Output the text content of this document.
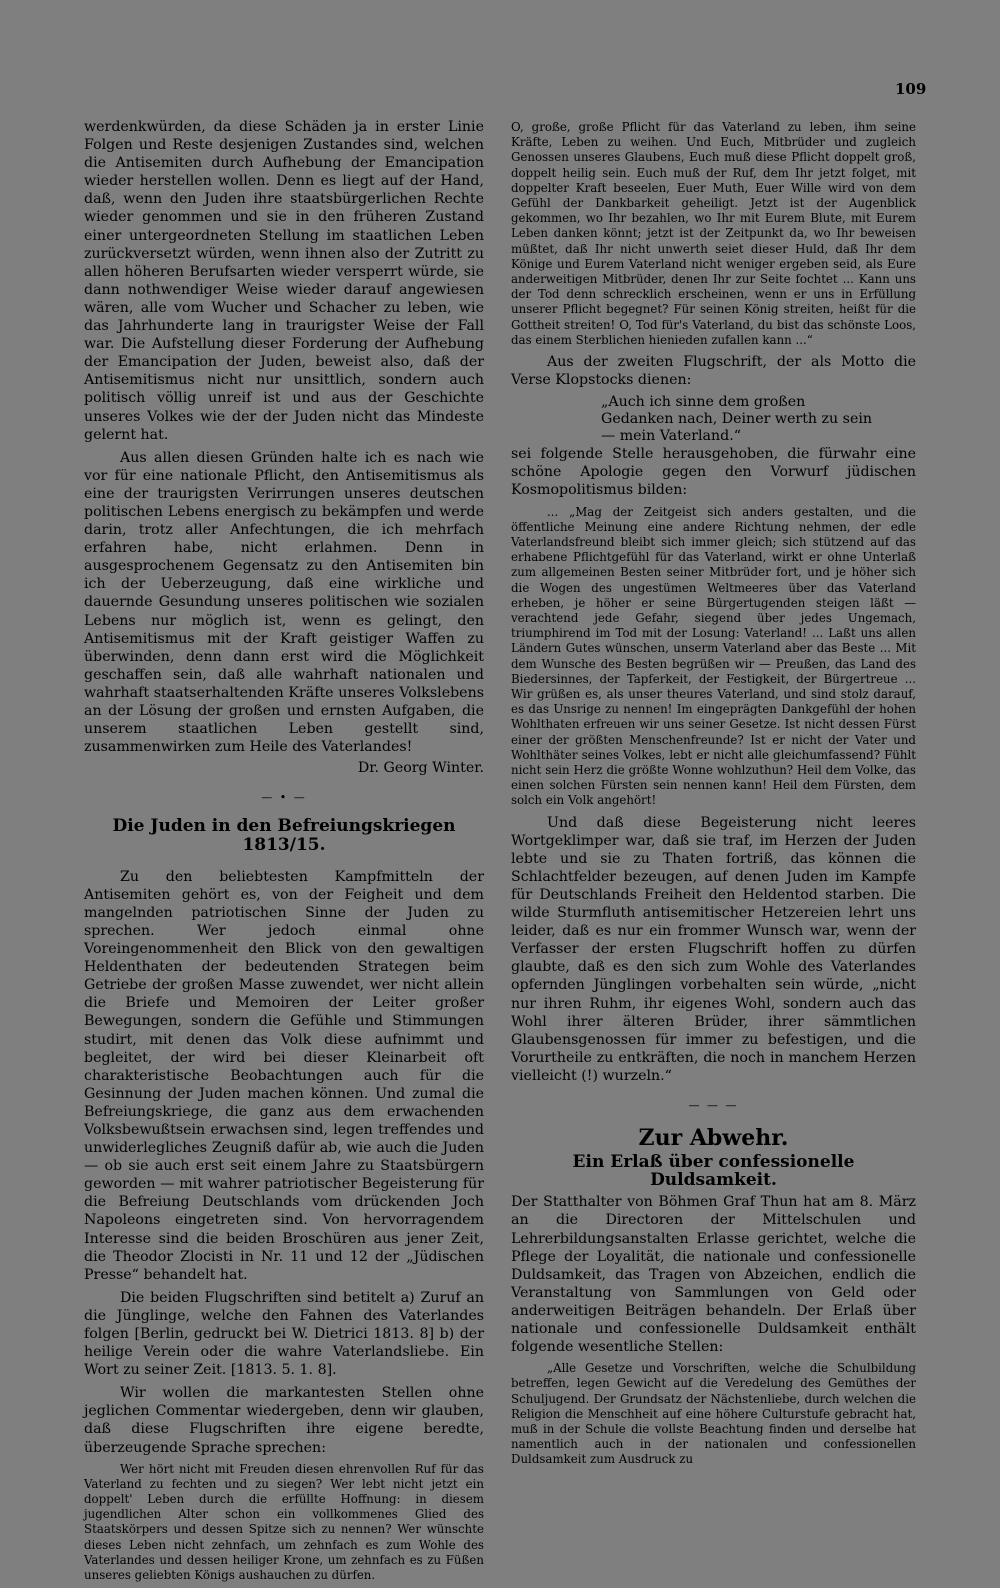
109

werdenkwürden, da diese Schäden ja in erster Linie Folgen und Reste desjenigen Zustandes sind, welchen die Antisemiten durch Aufhebung der Emancipation wieder herstellen wollen. Denn es liegt auf der Hand, daß, wenn den Juden ihre staatsbürgerlichen Rechte wieder genommen und sie in den früheren Zustand einer untergeordneten Stellung im staatlichen Leben zurückversetzt würden, wenn ihnen also der Zutritt zu allen höheren Berufsarten wieder versperrt würde, sie dann nothwendiger Weise wieder darauf angewiesen wären, alle vom Wucher und Schacher zu leben, wie das Jahrhunderte lang in traurigster Weise der Fall war. Die Aufstellung dieser Forderung der Aufhebung der Emancipation der Juden, beweist also, daß der Antisemitismus nicht nur unsittlich, sondern auch politisch völlig unreif ist und aus der Geschichte unseres Volkes wie der der Juden nicht das Mindeste gelernt hat.

Aus allen diesen Gründen halte ich es nach wie vor für eine nationale Pflicht, den Antisemitismus als eine der traurigsten Verirrungen unseres deutschen politischen Lebens energisch zu bekämpfen und werde darin, trotz aller Anfechtungen, die ich mehrfach erfahren habe, nicht erlahmen. Denn in ausgesprochenem Gegensatz zu den Antisemiten bin ich der Ueberzeugung, daß eine wirkliche und dauernde Gesundung unseres politischen wie sozialen Lebens nur möglich ist, wenn es gelingt, den Antisemitismus mit der Kraft geistiger Waffen zu überwinden, denn dann erst wird die Möglichkeit geschaffen sein, daß alle wahrhaft nationalen und wahrhaft staatserhaltenden Kräfte unseres Volkslebens an der Lösung der großen und ernsten Aufgaben, die unserem staatlichen Leben gestellt sind, zusammenwirken zum Heile des Vaterlandes!

Dr. Georg Winter.
— • —
Die Juden in den Befreiungskriegen 1813/15.

Zu den beliebtesten Kampfmitteln der Antisemiten gehört es, von der Feigheit und dem mangelnden patriotischen Sinne der Juden zu sprechen. Wer jedoch einmal ohne Voreingenommenheit den Blick von den gewaltigen Heldenthaten der bedeutenden Strategen beim Getriebe der großen Masse zuwendet, wer nicht allein die Briefe und Memoiren der Leiter großer Bewegungen, sondern die Gefühle und Stimmungen studirt, mit denen das Volk diese aufnimmt und begleitet, der wird bei dieser Kleinarbeit oft charakteristische Beobachtungen auch für die Gesinnung der Juden machen können. Und zumal die Befreiungskriege, die ganz aus dem erwachenden Volksbewußtsein erwachsen sind, legen treffendes und unwiderlegliches Zeugniß dafür ab, wie auch die Juden — ob sie auch erst seit einem Jahre zu Staatsbürgern geworden — mit wahrer patriotischer Begeisterung für die Befreiung Deutschlands vom drückenden Joch Napoleons eingetreten sind. Von hervorragendem Interesse sind die beiden Broschüren aus jener Zeit, die Theodor Zlocisti in Nr. 11 und 12 der „Jüdischen Presse“ behandelt hat.

Die beiden Flugschriften sind betitelt a) Zuruf an die Jünglinge, welche den Fahnen des Vaterlandes folgen [Berlin, gedruckt bei W. Dietrici 1813. 8] b) der heilige Verein oder die wahre Vaterlandsliebe. Ein Wort zu seiner Zeit. [1813. 5. 1. 8].

Wir wollen die markantesten Stellen ohne jeglichen Commentar wiedergeben, denn wir glauben, daß diese Flugschriften ihre eigene beredte, überzeugende Sprache sprechen:

Wer hört nicht mit Freuden diesen ehrenvollen Ruf für das Vaterland zu fechten und zu siegen? Wer lebt nicht jetzt ein doppelt' Leben durch die erfüllte Hoffnung: in diesem jugendlichen Alter schon ein vollkommenes Glied des Staatskörpers und dessen Spitze sich zu nennen? Wer wünschte dieses Leben nicht zehnfach, um zehnfach es zum Wohle des Vaterlandes und dessen heiliger Krone, um zehnfach es zu Füßen unseres geliebten Königs aushauchen zu dürfen.

O, große, große Pflicht für das Vaterland zu leben, ihm seine Kräfte, Leben zu weihen. Und Euch, Mitbrüder und zugleich Genossen unseres Glaubens, Euch muß diese Pflicht doppelt groß, doppelt heilig sein. Euch muß der Ruf, dem Ihr jetzt folget, mit doppelter Kraft beseelen, Euer Muth, Euer Wille wird von dem Gefühl der Dankbarkeit geheiligt. Jetzt ist der Augenblick gekommen, wo Ihr bezahlen, wo Ihr mit Eurem Blute, mit Eurem Leben danken könnt; jetzt ist der Zeitpunkt da, wo Ihr beweisen müßtet, daß Ihr nicht unwerth seiet dieser Huld, daß Ihr dem Könige und Eurem Vaterland nicht weniger ergeben seid, als Eure anderweitigen Mitbrüder, denen Ihr zur Seite fochtet ... Kann uns der Tod denn schrecklich erscheinen, wenn er uns in Erfüllung unserer Pflicht begegnet? Für seinen König streiten, heißt für die Gottheit streiten! O, Tod für's Vaterland, du bist das schönste Loos, das einem Sterblichen hienieden zufallen kann ...“

Aus der zweiten Flugschrift, der als Motto die Verse Klopstocks dienen:

„Auch ich sinne dem großen
Gedanken nach, Deiner werth zu sein
— mein Vaterland.“

sei folgende Stelle herausgehoben, die fürwahr eine schöne Apologie gegen den Vorwurf jüdischen Kosmopolitismus bilden:

... „Mag der Zeitgeist sich anders gestalten, und die öffentliche Meinung eine andere Richtung nehmen, der edle Vaterlandsfreund bleibt sich immer gleich; sich stützend auf das erhabene Pflichtgefühl für das Vaterland, wirkt er ohne Unterlaß zum allgemeinen Besten seiner Mitbrüder fort, und je höher sich die Wogen des ungestümen Weltmeeres über das Vaterland erheben, je höher er seine Bürgertugenden steigen läßt — verachtend jede Gefahr, siegend über jedes Ungemach, triumphirend im Tod mit der Losung: Vaterland! ... Laßt uns allen Ländern Gutes wünschen, unserm Vaterland aber das Beste ... Mit dem Wunsche des Besten begrüßen wir — Preußen, das Land des Biedersinnes, der Tapferkeit, der Festigkeit, der Bürgertreue ... Wir grüßen es, als unser theures Vaterland, und sind stolz darauf, es das Unsrige zu nennen! Im eingeprägten Dankgefühl der hohen Wohlthaten erfreuen wir uns seiner Gesetze. Ist nicht dessen Fürst einer der größten Menschenfreunde? Ist er nicht der Vater und Wohlthäter seines Volkes, lebt er nicht alle gleichumfassend? Fühlt nicht sein Herz die größte Wonne wohlzuthun? Heil dem Volke, das einen solchen Fürsten sein nennen kann! Heil dem Fürsten, dem solch ein Volk angehört!

Und daß diese Begeisterung nicht leeres Wortgeklimper war, daß sie traf, im Herzen der Juden lebte und sie zu Thaten fortriß, das können die Schlachtfelder bezeugen, auf denen Juden im Kampfe für Deutschlands Freiheit den Heldentod starben. Die wilde Sturmfluth antisemitischer Hetzereien lehrt uns leider, daß es nur ein frommer Wunsch war, wenn der Verfasser der ersten Flugschrift hoffen zu dürfen glaubte, daß es den sich zum Wohle des Vaterlandes opfernden Jünglingen vorbehalten sein würde, „nicht nur ihren Ruhm, ihr eigenes Wohl, sondern auch das Wohl ihrer älteren Brüder, ihrer sämmtlichen Glaubensgenossen für immer zu befestigen, und die Vorurtheile zu entkräften, die noch in manchem Herzen vielleicht (!) wurzeln.“

— — —
Zur Abwehr.
Ein Erlaß über confessionelle Duldsamkeit.

Der Statthalter von Böhmen Graf Thun hat am 8. März an die Directoren der Mittelschulen und Lehrerbildungsanstalten Erlasse gerichtet, welche die Pflege der Loyalität, die nationale und confessionelle Duldsamkeit, das Tragen von Abzeichen, endlich die Veranstaltung von Sammlungen von Geld oder anderweitigen Beiträgen behandeln. Der Erlaß über nationale und confessionelle Duldsamkeit enthält folgende wesentliche Stellen:

„Alle Gesetze und Vorschriften, welche die Schulbildung betreffen, legen Gewicht auf die Veredelung des Gemüthes der Schuljugend. Der Grundsatz der Nächstenliebe, durch welchen die Religion die Menschheit auf eine höhere Culturstufe gebracht hat, muß in der Schule die vollste Beachtung finden und derselbe hat namentlich auch in der nationalen und confessionellen Duldsamkeit zum Ausdruck zu
